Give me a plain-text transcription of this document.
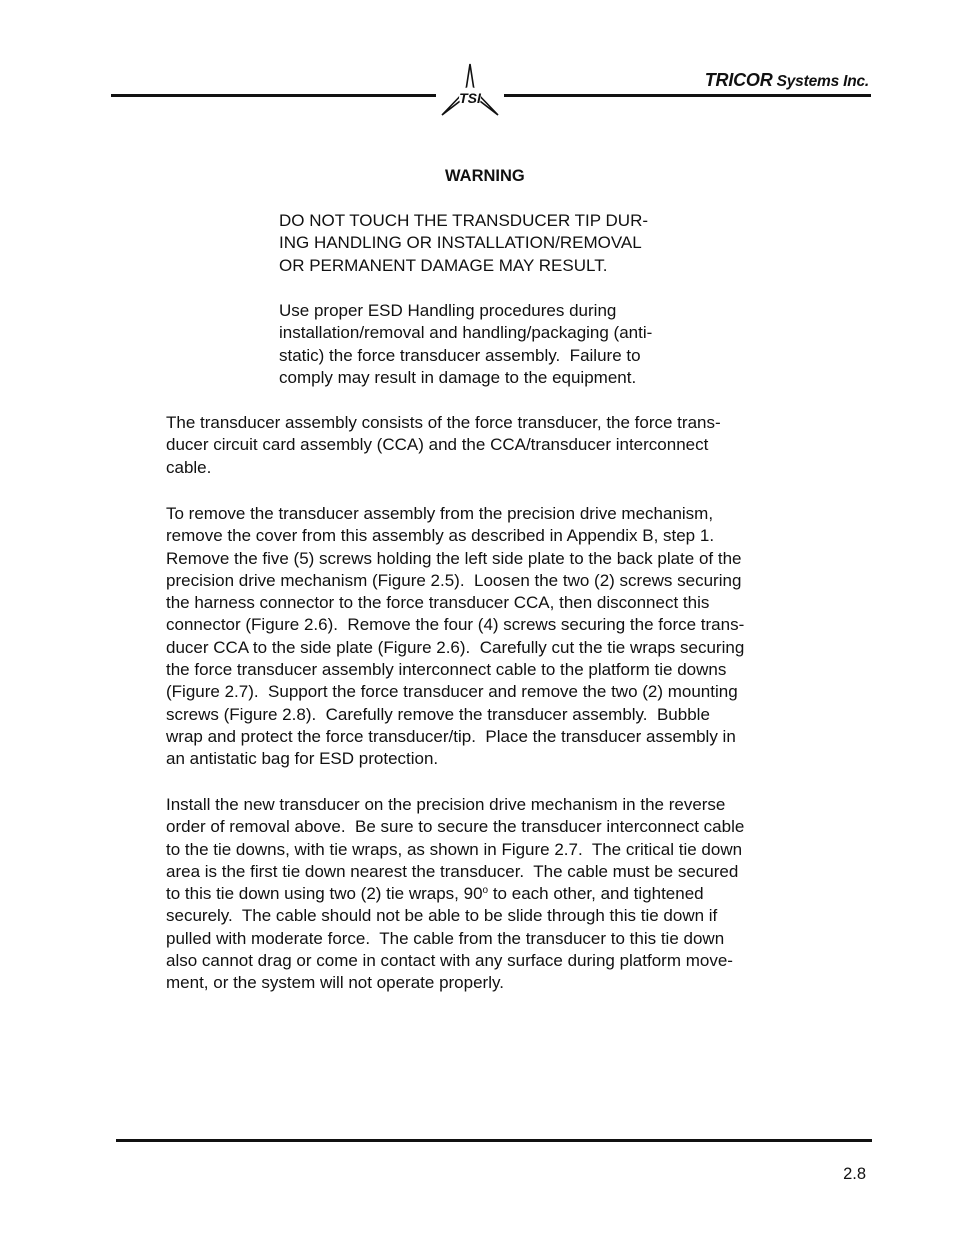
TSI
TRICOR Systems Inc.
WARNING
DO NOT TOUCH THE TRANSDUCER TIP DUR-
ING HANDLING OR INSTALLATION/REMOVAL
OR PERMANENT DAMAGE MAY RESULT.
Use proper ESD Handling procedures during
installation/removal and handling/packaging (anti-
static) the force transducer assembly.  Failure to
comply may result in damage to the equipment.
The transducer assembly consists of the force transducer, the force trans-
ducer circuit card assembly (CCA) and the CCA/transducer interconnect
cable.
To remove the transducer assembly from the precision drive mechanism,
remove the cover from this assembly as described in Appendix B, step 1.
Remove the five (5) screws holding the left side plate to the back plate of the
precision drive mechanism (Figure 2.5).  Loosen the two (2) screws securing
the harness connector to the force transducer CCA, then disconnect this
connector (Figure 2.6).  Remove the four (4) screws securing the force trans-
ducer CCA to the side plate (Figure 2.6).  Carefully cut the tie wraps securing
the force transducer assembly interconnect cable to the platform tie downs
(Figure 2.7).  Support the force transducer and remove the two (2) mounting
screws (Figure 2.8).  Carefully remove the transducer assembly.  Bubble
wrap and protect the force transducer/tip.  Place the transducer assembly in
an antistatic bag for ESD protection.
Install the new transducer on the precision drive mechanism in the reverse
order of removal above.  Be sure to secure the transducer interconnect cable
to the tie downs, with tie wraps, as shown in Figure 2.7.  The critical tie down
area is the first tie down nearest the transducer.  The cable must be secured
to this tie down using two (2) tie wraps, 90$^o$ to each other, and tightened
securely.  The cable should not be able to be slide through this tie down if
pulled with moderate force.  The cable from the transducer to this tie down
also cannot drag or come in contact with any surface during platform move-
ment, or the system will not operate properly.
2.8
